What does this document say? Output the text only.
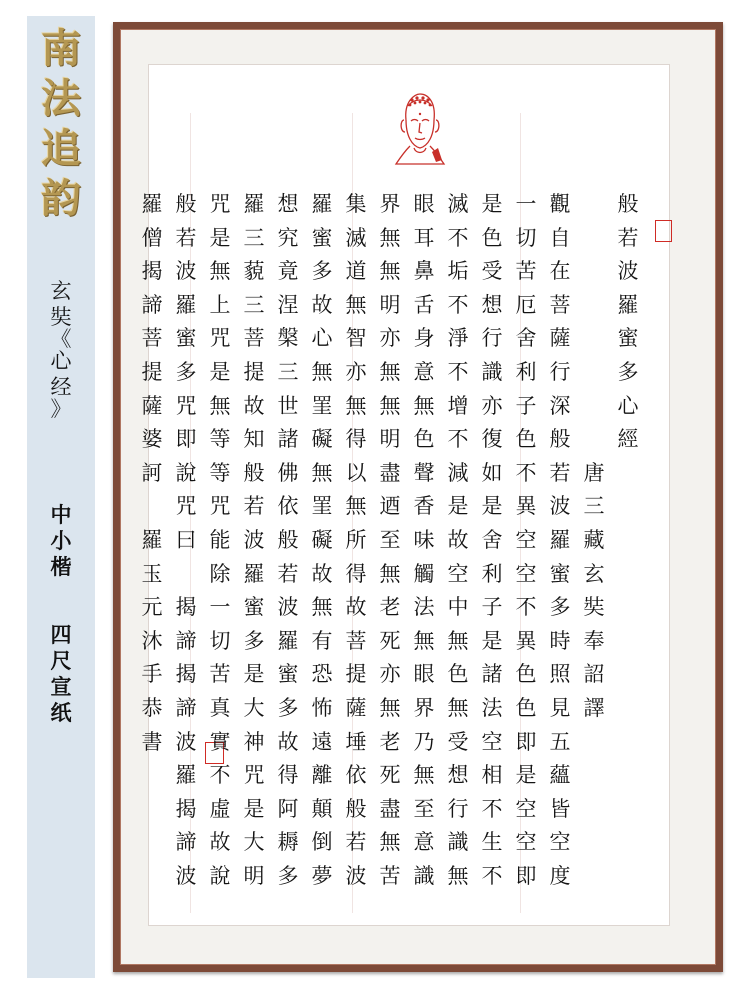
南
法
追
韵
玄
奘
《
心
经
》
中
小
楷
四
尺
宣
纸
般
若
波
羅
蜜
多
心
經

唐
三
藏
玄
奘
奉
詔
譯
觀
自
在
菩
薩
行
深
般
若
波
羅
蜜
多
時
照
見
五
蘊
皆
空
度
一
切
苦
厄
舍
利
子
色
不
異
空
空
不
異
色
色
即
是
空
空
即
是
色
受
想
行
識
亦
復
如
是
舍
利
子
是
諸
法
空
相
不
生
不
滅
不
垢
不
淨
不
增
不
減
是
故
空
中
無
色
無
受
想
行
識
無
眼
耳
鼻
舌
身
意
無
色
聲
香
味
觸
法
無
眼
界
乃
無
至
意
識
界
無
無
明
亦
無
無
明
盡
迺
至
無
老
死
亦
無
老
死
盡
無
苦
集
滅
道
無
智
亦
無
得
以
無
所
得
故
菩
提
薩
埵
依
般
若
波
羅
蜜
多
故
心
無
罣
礙
無
罣
礙
故
無
有
恐
怖
遠
離
顛
倒
夢
想
究
竟
涅
槃
三
世
諸
佛
依
般
若
波
羅
蜜
多
故
得
阿
耨
多
羅
三
藐
三
菩
提
故
知
般
若
波
羅
蜜
多
是
大
神
咒
是
大
明
咒
是
無
上
咒
是
無
等
等
咒
能
除
一
切
苦
真
實
不
虛
故
說
般
若
波
羅
蜜
多
咒
即
說
咒
曰

揭
諦
揭
諦
波
羅
揭
諦
波
羅
僧
揭
諦
菩
提
薩
婆
訶

羅
玉
元
沐
手
恭
書
